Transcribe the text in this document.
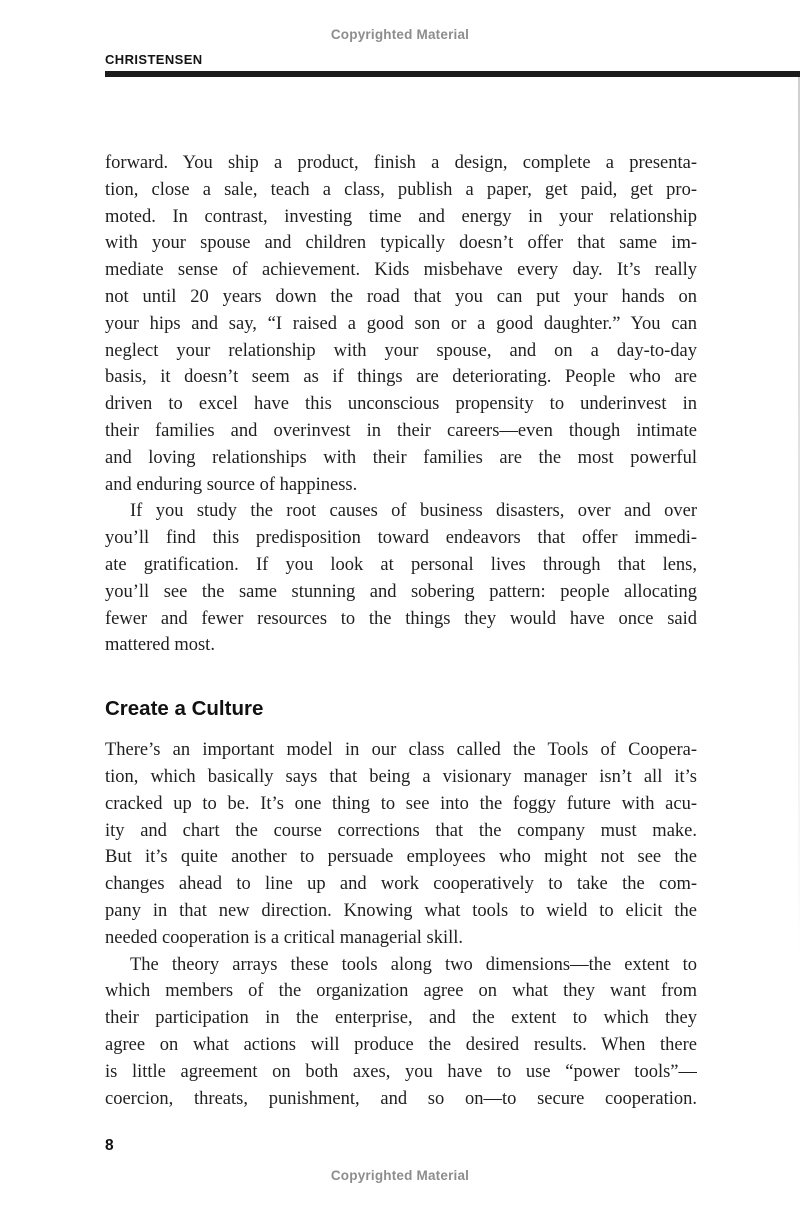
Copyrighted Material
CHRISTENSEN
forward. You ship a product, finish a design, complete a presenta-
tion, close a sale, teach a class, publish a paper, get paid, get pro-
moted. In contrast, investing time and energy in your relationship
with your spouse and children typically doesn’t offer that same im-
mediate sense of achievement. Kids misbehave every day. It’s really
not until 20 years down the road that you can put your hands on
your hips and say, “I raised a good son or a good daughter.” You can
neglect your relationship with your spouse, and on a day-to-day
basis, it doesn’t seem as if things are deteriorating. People who are
driven to excel have this unconscious propensity to underinvest in
their families and overinvest in their careers—even though intimate
and loving relationships with their families are the most powerful
and enduring source of happiness.
If you study the root causes of business disasters, over and over
you’ll find this predisposition toward endeavors that offer immedi-
ate gratification. If you look at personal lives through that lens,
you’ll see the same stunning and sobering pattern: people allocating
fewer and fewer resources to the things they would have once said
mattered most.
Create a Culture
There’s an important model in our class called the Tools of Coopera-
tion, which basically says that being a visionary manager isn’t all it’s
cracked up to be. It’s one thing to see into the foggy future with acu-
ity and chart the course corrections that the company must make.
But it’s quite another to persuade employees who might not see the
changes ahead to line up and work cooperatively to take the com-
pany in that new direction. Knowing what tools to wield to elicit the
needed cooperation is a critical managerial skill.
The theory arrays these tools along two dimensions—the extent to
which members of the organization agree on what they want from
their participation in the enterprise, and the extent to which they
agree on what actions will produce the desired results. When there
is little agreement on both axes, you have to use “power tools”—
coercion, threats, punishment, and so on—to secure cooperation.
8
Copyrighted Material
